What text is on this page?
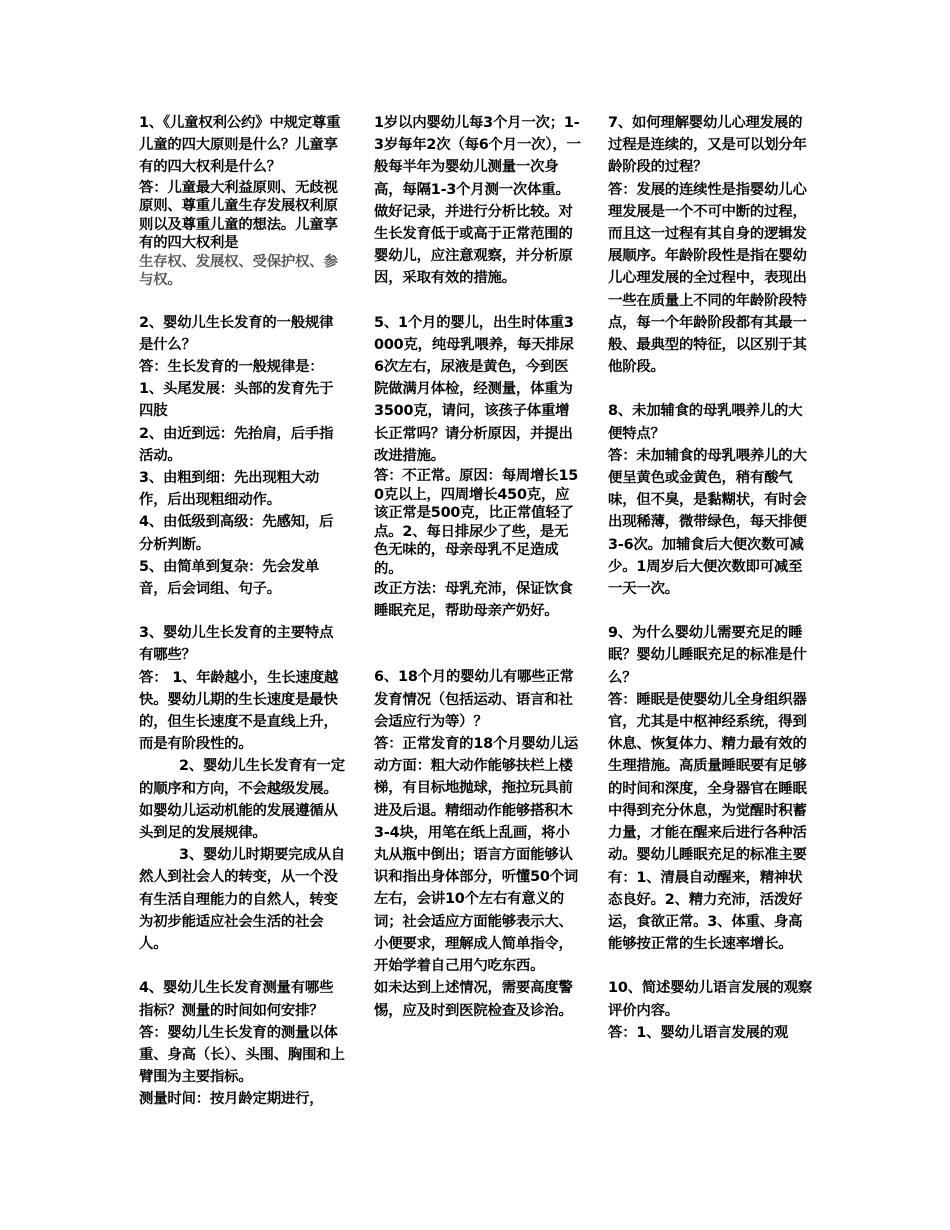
1、《儿童权利公约》中规定尊重儿童的四大原则是什么？儿童享有的四大权利是什么？

答：儿童最大利益原则、无歧视原则、尊重儿童生存发展权利原则以及尊重儿童的想法。儿童享有的四大权利是

生存权、发展权、受保护权、参与权。

2、婴幼儿生长发育的一般规律是什么？

答：生长发育的一般规律是：

1、头尾发展：头部的发育先于四肢

2、由近到远：先抬肩，后手指活动。

3、由粗到细：先出现粗大动作，后出现粗细动作。

4、由低级到高级：先感知，后分析判断。

5、由简单到复杂：先会发单音，后会词组、句子。

3、婴幼儿生长发育的主要特点有哪些？

答： 1、年龄越小，生长速度越快。婴幼儿期的生长速度是最快的，但生长速度不是直线上升，而是有阶段性的。

2、婴幼儿生长发育有一定的顺序和方向，不会越级发展。如婴幼儿运动机能的发展遵循从头到足的发展规律。

3、婴幼儿时期要完成从自然人到社会人的转变，从一个没有生活自理能力的自然人，转变为初步能适应社会生活的社会人。

4、婴幼儿生长发育测量有哪些指标？测量的时间如何安排？

答：婴幼儿生长发育的测量以体重、身高（长）、头围、胸围和上臂围为主要指标。

测量时间：按月龄定期进行，

1岁以内婴幼儿每3个月一次；1-3岁每年2次（每6个月一次），一般每半年为婴幼儿测量一次身高，每隔1-3个月测一次体重。做好记录，并进行分析比较。对生长发育低于或高于正常范围的婴幼儿，应注意观察，并分析原因，采取有效的措施。

5、1个月的婴儿，出生时体重3000克，纯母乳喂养，每天排尿6次左右，尿液是黄色，今到医院做满月体检，经测量，体重为3500克，请问，该孩子体重增长正常吗？请分析原因，并提出改进措施。

答：不正常。原因：每周增长150克以上，四周增长450克，应该正常是500克，比正常值轻了点。2、每日排尿少了些，是无色无味的，母亲母乳不足造成的。

改正方法：母乳充沛，保证饮食睡眠充足，帮助母亲产奶好。

6、18个月的婴幼儿有哪些正常发育情况（包括运动、语言和社会适应行为等）？

答：正常发育的18个月婴幼儿运动方面：粗大动作能够扶栏上楼梯，有目标地抛球，拖拉玩具前进及后退。精细动作能够搭积木3-4块，用笔在纸上乱画，将小丸从瓶中倒出；语言方面能够认识和指出身体部分，听懂50个词左右，会讲10个左右有意义的词；社会适应方面能够表示大、小便要求，理解成人简单指令，开始学着自己用勺吃东西。

如未达到上述情况，需要高度警惕，应及时到医院检查及诊治。

7、如何理解婴幼儿心理发展的过程是连续的，又是可以划分年龄阶段的过程？

答：发展的连续性是指婴幼儿心理发展是一个不可中断的过程，而且这一过程有其自身的逻辑发展顺序。年龄阶段性是指在婴幼儿心理发展的全过程中，表现出一些在质量上不同的年龄阶段特点，每一个年龄阶段都有其最一般、最典型的特征，以区别于其他阶段。

8、未加辅食的母乳喂养儿的大便特点？

答：未加辅食的母乳喂养儿的大便呈黄色或金黄色，稍有酸气味，但不臭，是黏糊状，有时会出现稀薄，微带绿色，每天排便3-6次。加辅食后大便次数可减少。1周岁后大便次数即可减至一天一次。

9、为什么婴幼儿需要充足的睡眠？婴幼儿睡眠充足的标准是什么？

答：睡眠是使婴幼儿全身组织器官，尤其是中枢神经系统，得到休息、恢复体力、精力最有效的生理措施。高质量睡眠要有足够的时间和深度，全身器官在睡眠中得到充分休息，为觉醒时积蓄力量，才能在醒来后进行各种活动。婴幼儿睡眠充足的标准主要有：1、清晨自动醒来，精神状态良好。2、精力充沛，活泼好运，食欲正常。3、体重、身高能够按正常的生长速率增长。

10、简述婴幼儿语言发展的观察评价内容。

答：1、婴幼儿语言发展的观
